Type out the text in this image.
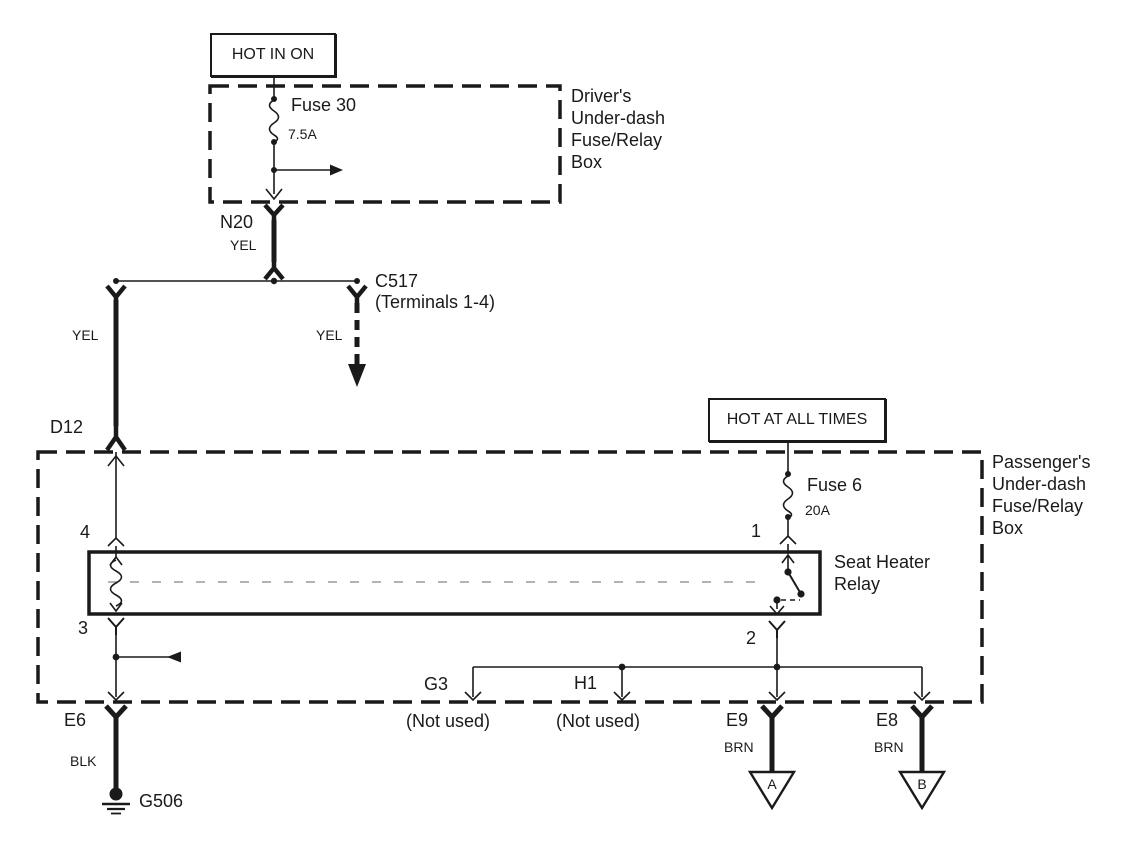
HOT IN ON
HOT AT ALL TIMES
Driver's
Under-dash
Fuse/Relay
Box
Passenger's
Under-dash
Fuse/Relay
Box
Fuse 30
7.5A
N20
YEL
C517
(Terminals 1-4)
YEL
YEL
D12
Fuse 6
20A
4
3
1
2
Seat Heater
Relay
G3	H1
(Not used)	(Not used)
E6
BLK
G506
E9
BRN
E8
BRN
A	B
